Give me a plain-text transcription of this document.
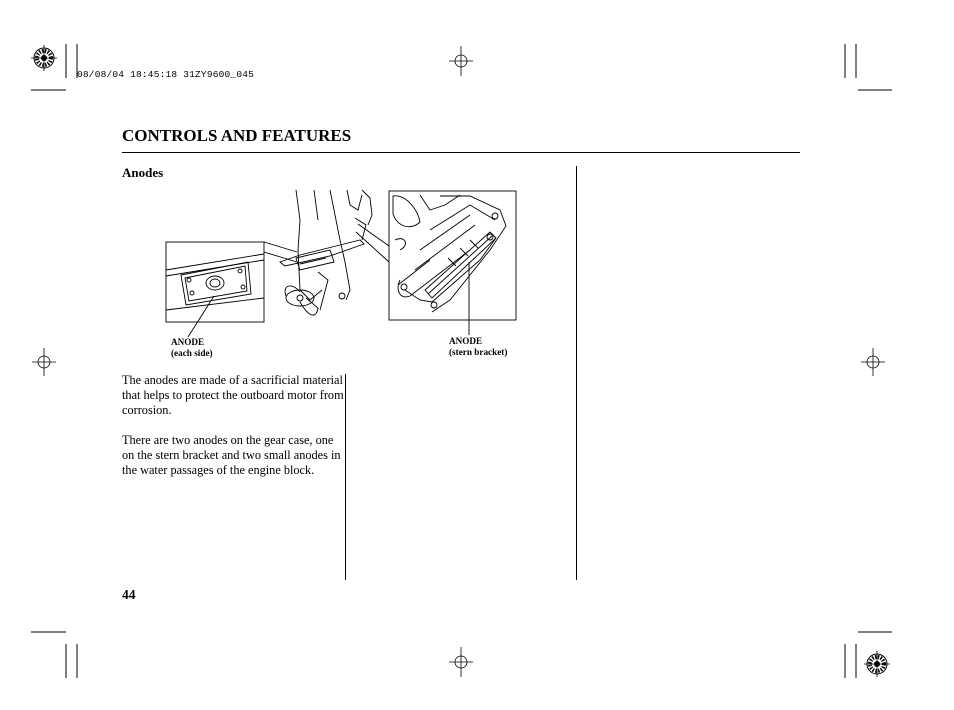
08/08/04 18:45:18 31ZY9600_045
CONTROLS AND FEATURES
Anodes
ANODE
(each side)
ANODE
(stern bracket)
The anodes are made of a sacrificial material that helps to protect the outboard motor from corrosion.
There are two anodes on the gear case, one on the stern bracket and two small anodes in the water passages of the engine block.
44
